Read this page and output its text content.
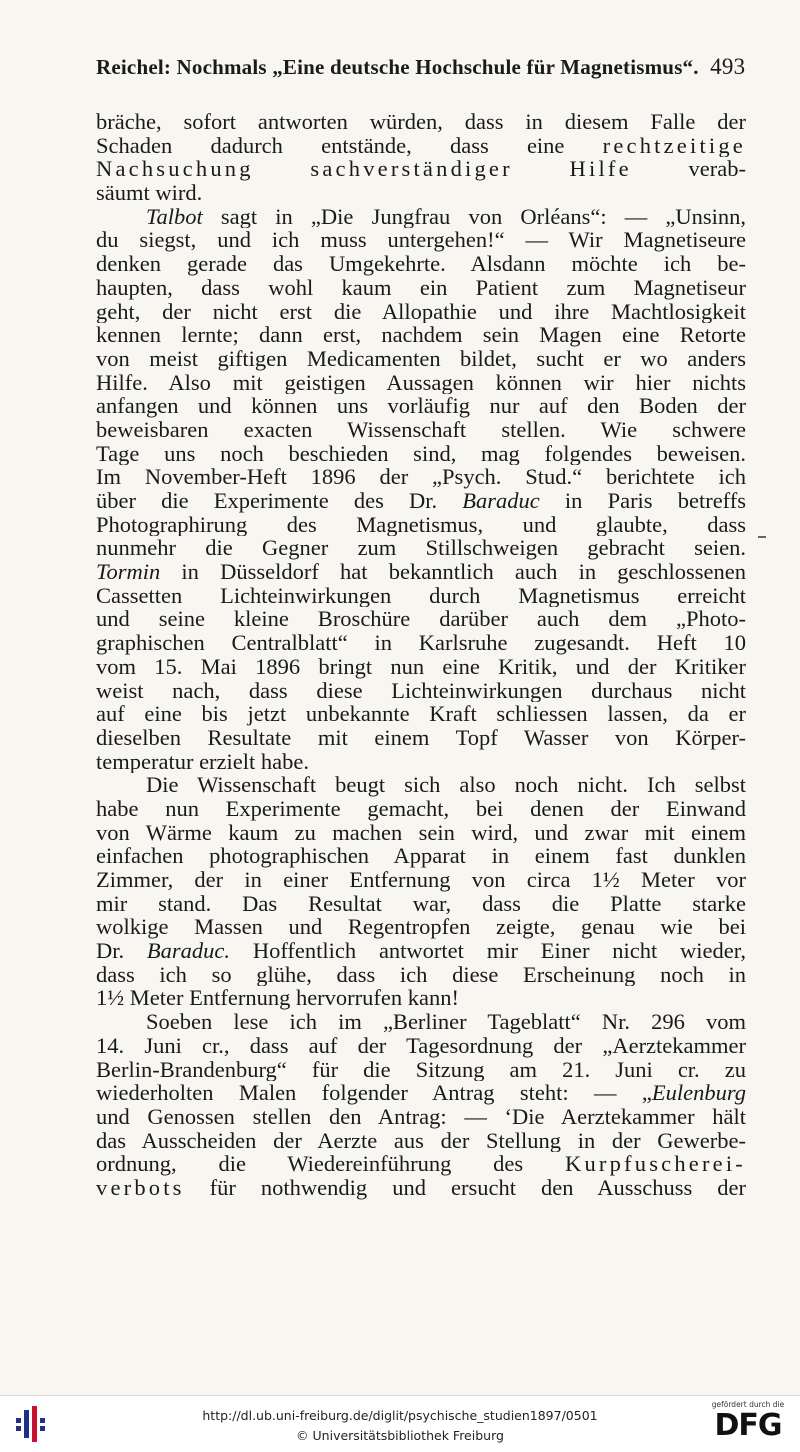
Reichel: Nochmals „Eine deutsche Hochschule für Magnetismus“. 493
bräche, sofort antworten würden, dass in diesem Falle der
Schaden dadurch entstände, dass eine rechtzeitige
Nachsuchung sachverständiger Hilfe	verab-
säumt wird.
Talbot sagt in „Die Jungfrau von Orléans“: — „Unsinn,
du siegst, und ich muss untergehen!“ — Wir Magnetiseure
denken gerade das Umgekehrte. Alsdann möchte ich be-
haupten, dass wohl kaum ein Patient zum Magnetiseur
geht, der nicht erst die Allopathie und ihre Machtlosigkeit
kennen lernte; dann erst, nachdem sein Magen eine Retorte
von meist giftigen Medicamenten bildet, sucht er wo anders
Hilfe. Also mit geistigen Aussagen können wir hier nichts
anfangen und können uns vorläufig nur auf den Boden der
beweisbaren exacten Wissenschaft stellen. Wie schwere
Tage uns noch beschieden sind, mag folgendes beweisen.
Im November-Heft 1896 der „Psych. Stud.“ berichtete ich
über die Experimente des Dr. Baraduc in Paris betreffs
Photographirung des Magnetismus, und glaubte, dass
nunmehr die Gegner zum Stillschweigen gebracht seien.
Tormin in Düsseldorf hat bekanntlich auch in geschlossenen
Cassetten Lichteinwirkungen durch Magnetismus erreicht
und seine kleine Broschüre darüber auch dem „Photo-
graphischen Centralblatt“ in Karlsruhe zugesandt. Heft 10
vom 15. Mai 1896 bringt nun eine Kritik, und der Kritiker
weist nach, dass diese Lichteinwirkungen durchaus nicht
auf eine bis jetzt unbekannte Kraft schliessen lassen, da er
dieselben Resultate mit einem Topf Wasser von Körper-
temperatur erzielt habe.
Die Wissenschaft beugt sich also noch nicht. Ich selbst
habe nun Experimente gemacht, bei denen der Einwand
von Wärme kaum zu machen sein wird, und zwar mit einem
einfachen photographischen Apparat in einem fast dunklen
Zimmer, der in einer Entfernung von circa 1½ Meter vor
mir stand. Das Resultat war, dass die Platte starke
wolkige Massen und Regentropfen zeigte, genau wie bei
Dr. Baraduc. Hoffentlich antwortet mir Einer nicht wieder,
dass ich so glühe, dass ich diese Erscheinung noch in
1½ Meter Entfernung hervorrufen kann!
Soeben lese ich im „Berliner Tageblatt“ Nr. 296 vom
14. Juni cr., dass auf der Tagesordnung der „Aerztekammer
Berlin-Brandenburg“ für die Sitzung am 21. Juni cr. zu
wiederholten Malen folgender Antrag steht: — „Eulenburg
und Genossen stellen den Antrag: — ‘Die Aerztekammer hält
das Ausscheiden der Aerzte aus der Stellung in der Gewerbe-
ordnung, die Wiedereinführung des Kurpfuscherei-
verbots für nothwendig und ersucht den Ausschuss der
http://dl.ub.uni-freiburg.de/diglit/psychische_studien1897/0501
© Universitätsbibliothek Freiburg
gefördert durch die
DFG
